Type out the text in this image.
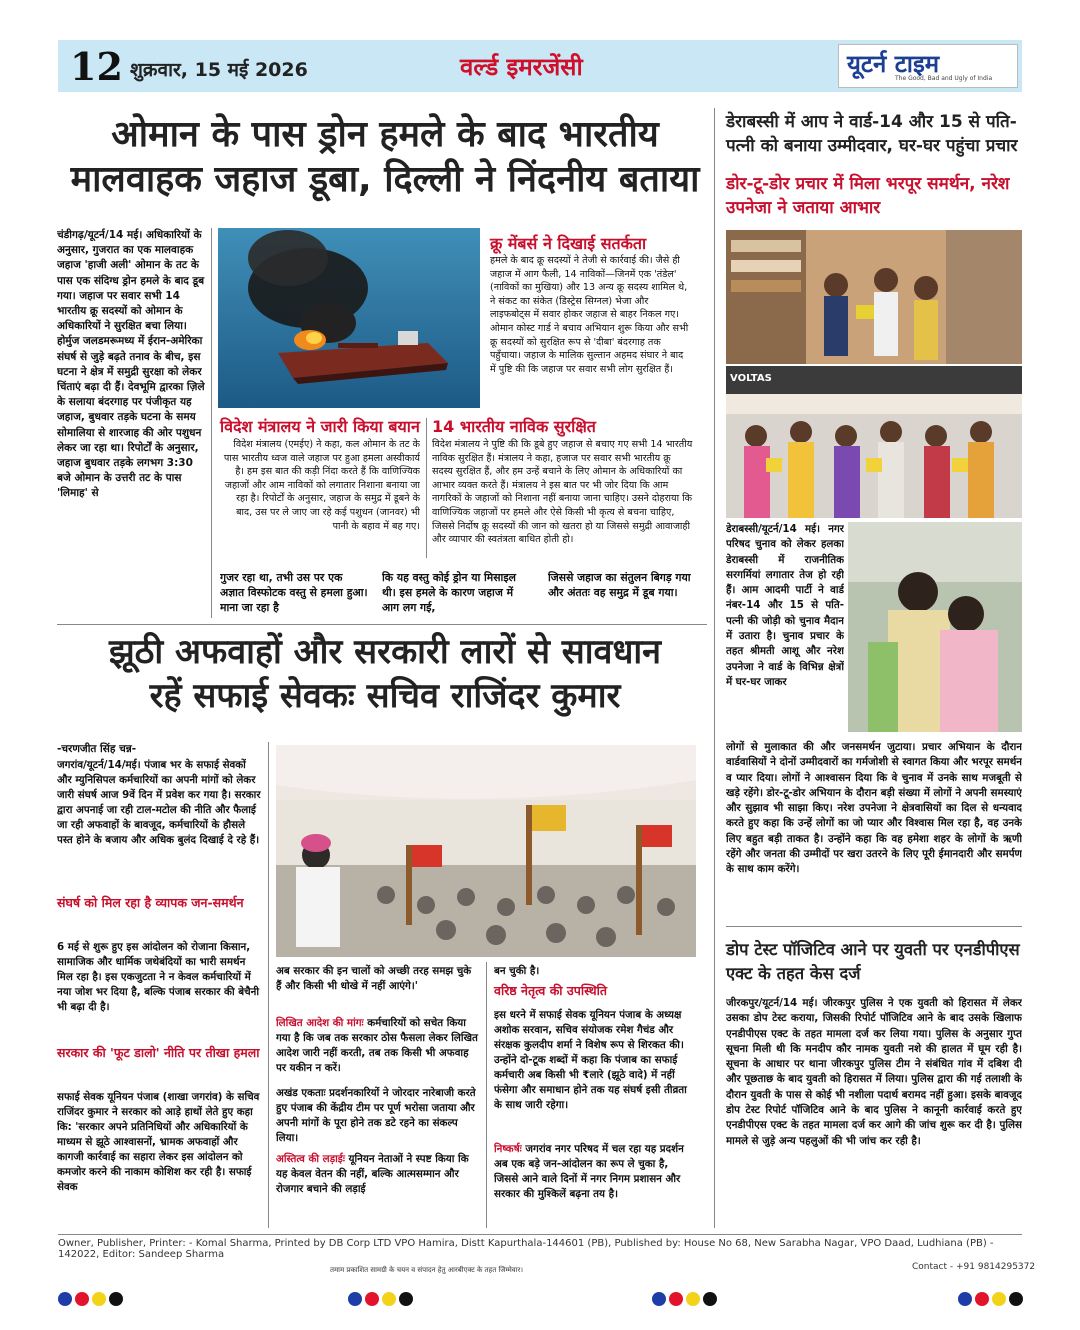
12 शुक्रवार, 15 मई 2026	वर्ल्ड इमरजेंसी	यूटर्न टाइम
The Good, Bad and Ugly of India
ओमान के पास ड्रोन हमले के बाद भारतीय
मालवाहक जहाज डूबा, दिल्ली ने निंदनीय बताया
चंडीगढ़/यूटर्न/14 मई। अधिकारियों के अनुसार, गुजरात का एक मालवाहक जहाज 'हाजी अली' ओमान के तट के पास एक संदिग्ध ड्रोन हमले के बाद डूब गया। जहाज पर सवार सभी 14 भारतीय क्रू सदस्यों को ओमान के अधिकारियों ने सुरक्षित बचा लिया। होर्मुज जलडमरूमध्य में ईरान-अमेरिका संघर्ष से जुड़े बढ़ते तनाव के बीच, इस घटना ने क्षेत्र में समुद्री सुरक्षा को लेकर चिंताएं बढ़ा दी हैं। देवभूमि द्वारका ज़िले के सलाया बंदरगाह पर पंजीकृत यह जहाज, बुधवार तड़के घटना के समय सोमालिया से शारजाह की ओर पशुधन लेकर जा रहा था। रिपोर्टों के अनुसार, जहाज बुधवार तड़के लगभग 3:30 बजे ओमान के उत्तरी तट के पास 'लिमाह' से
क्रू मेंबर्स ने दिखाई सतर्कता
हमले के बाद क्रू सदस्यों ने तेजी से कार्रवाई की। जैसे ही जहाज में आग फैली, 14 नाविकों—जिनमें एक 'तंडेल' (नाविकों का मुखिया) और 13 अन्य क्रू सदस्य शामिल थे, ने संकट का संकेत (डिस्ट्रेस सिग्नल) भेजा और लाइफबोट्स में सवार होकर जहाज से बाहर निकल गए। ओमान कोस्ट गार्ड ने बचाव अभियान शुरू किया और सभी क्रू सदस्यों को सुरक्षित रूप से 'दीबा' बंदरगाह तक पहुँचाया। जहाज के मालिक सुल्तान अहमद संघार ने बाद में पुष्टि की कि जहाज पर सवार सभी लोग सुरक्षित हैं।
विदेश मंत्रालय ने जारी किया बयान
विदेश मंत्रालय (एमईए) ने कहा, कल ओमान के तट के पास भारतीय ध्वज वाले जहाज पर हुआ हमला अस्वीकार्य है। हम इस बात की कड़ी निंदा करते हैं कि वाणिज्यिक जहाजों और आम नाविकों को लगातार निशाना बनाया जा रहा है। रिपोर्टों के अनुसार, जहाज के समुद्र में डूबने के बाद, उस पर ले जाए जा रहे कई पशुधन (जानवर) भी पानी के बहाव में बह गए।
14 भारतीय नाविक सुरक्षित
विदेश मंत्रालय ने पुष्टि की कि डूबे हुए जहाज से बचाए गए सभी 14 भारतीय नाविक सुरक्षित हैं। मंत्रालय ने कहा, हजाज पर सवार सभी भारतीय क्रू सदस्य सुरक्षित हैं, और हम उन्हें बचाने के लिए ओमान के अधिकारियों का आभार व्यक्त करते हैं। मंत्रालय ने इस बात पर भी जोर दिया कि आम नागरिकों के जहाजों को निशाना नहीं बनाया जाना चाहिए। उसने दोहराया कि वाणिज्यिक जहाजों पर हमले और ऐसे किसी भी कृत्य से बचना चाहिए, जिससे निर्दोष क्रू सदस्यों की जान को खतरा हो या जिससे समुद्री आवाजाही और व्यापार की स्वतंत्रता बाधित होती हो।
गुजर रहा था, तभी उस पर एक अज्ञात विस्फोटक वस्तु से हमला हुआ। माना जा रहा है
कि यह वस्तु कोई ड्रोन या मिसाइल थी। इस हमले के कारण जहाज में आग लग गई,
जिससे जहाज का संतुलन बिगड़ गया और अंततः वह समुद्र में डूब गया।
झूठी अफवाहों और सरकारी लारों से सावधान
रहें सफाई सेवकः सचिव राजिंदर कुमार
-चरणजीत सिंह चन्न-
जगरांव/यूटर्न/14/मई। पंजाब भर के सफाई सेवकों और म्युनिसिपल कर्मचारियों का अपनी मांगों को लेकर जारी संघर्ष आज 9वें दिन में प्रवेश कर गया है। सरकार द्वारा अपनाई जा रही टाल-मटोल की नीति और फैलाई जा रही अफवाहों के बावजूद, कर्मचारियों के हौसले पस्त होने के बजाय और अधिक बुलंद दिखाई दे रहे हैं।
संघर्ष को मिल रहा है व्यापक जन-समर्थन
6 मई से शुरू हुए इस आंदोलन को रोजाना किसान, सामाजिक और धार्मिक जथेबंदियों का भारी समर्थन मिल रहा है। इस एकजुटता ने न केवल कर्मचारियों में नया जोश भर दिया है, बल्कि पंजाब सरकार की बेचैनी भी बढ़ा दी है।
सरकार की 'फूट डालो' नीति पर तीखा हमला
सफाई सेवक यूनियन पंजाब (शाखा जगरांव) के सचिव राजिंदर कुमार ने सरकार को आड़े हाथों लेते हुए कहा कि: 'सरकार अपने प्रतिनिधियों और अधिकारियों के माध्यम से झूठे आश्वासनों, भ्रामक अफवाहों और कागजी कार्रवाई का सहारा लेकर इस आंदोलन को कमजोर करने की नाकाम कोशिश कर रही है। सफाई सेवक
अब सरकार की इन चालों को अच्छी तरह समझ चुके हैं और किसी भी धोखे में नहीं आएंगे।'
लिखित आदेश की मांगः कर्मचारियों को सचेत किया गया है कि जब तक सरकार ठोस फैसला लेकर लिखित आदेश जारी नहीं करती, तब तक किसी भी अफवाह पर यकीन न करें।
अखंड एकताः प्रदर्शनकारियों ने जोरदार नारेबाजी करते हुए पंजाब की केंद्रीय टीम पर पूर्ण भरोसा जताया और अपनी मांगों के पूरा होने तक डटे रहने का संकल्प लिया।
अस्तित्व की लड़ाईः यूनियन नेताओं ने स्पष्ट किया कि यह केवल वेतन की नहीं, बल्कि आत्मसम्मान और रोजगार बचाने की लड़ाई
बन चुकी है।
वरिष्ठ नेतृत्व की उपस्थिति
इस धरने में सफाई सेवक यूनियन पंजाब के अध्यक्ष अशोक सरवान, सचिव संयोजक रमेश गैचंड और संरक्षक कुलदीप शर्मा ने विशेष रूप से शिरकत की। उन्होंने दो-टूक शब्दों में कहा कि पंजाब का सफाई कर्मचारी अब किसी भी ₹लारे (झूठे वादे) में नहीं फंसेगा और समाधान होने तक यह संघर्ष इसी तीव्रता के साथ जारी रहेगा।
निष्कर्षः जगरांव नगर परिषद में चल रहा यह प्रदर्शन अब एक बड़े जन-आंदोलन का रूप ले चुका है, जिससे आने वाले दिनों में नगर निगम प्रशासन और सरकार की मुश्किलें बढ़ना तय है।
डेराबस्सी में आप ने वार्ड-14 और 15 से पति-पत्नी को बनाया उम्मीदवार, घर-घर पहुंचा प्रचार
डोर-टू-डोर प्रचार में मिला भरपूर समर्थन, नरेश उपनेजा ने जताया आभार
VOLTAS
डेराबस्सी/यूटर्न/14 मई। नगर परिषद चुनाव को लेकर हलका डेराबस्सी में राजनीतिक सरगर्मियां लगातार तेज हो रही हैं। आम आदमी पार्टी ने वार्ड नंबर-14 और 15 से पति-पत्नी की जोड़ी को चुनाव मैदान में उतारा है। चुनाव प्रचार के तहत श्रीमती आशू और नरेश उपनेजा ने वार्ड के विभिन्न क्षेत्रों में घर-घर जाकर
लोगों से मुलाकात की और जनसमर्थन जुटाया। प्रचार अभियान के दौरान वार्डवासियों ने दोनों उम्मीदवारों का गर्मजोशी से स्वागत किया और भरपूर समर्थन व प्यार दिया। लोगों ने आश्वासन दिया कि वे चुनाव में उनके साथ मजबूती से खड़े रहेंगे। डोर-टू-डोर अभियान के दौरान बड़ी संख्या में लोगों ने अपनी समस्याएं और सुझाव भी साझा किए। नरेश उपनेजा ने क्षेत्रवासियों का दिल से धन्यवाद करते हुए कहा कि उन्हें लोगों का जो प्यार और विश्वास मिल रहा है, वह उनके लिए बहुत बड़ी ताकत है। उन्होंने कहा कि वह हमेशा शहर के लोगों के ऋणी रहेंगे और जनता की उम्मीदों पर खरा उतरने के लिए पूरी ईमानदारी और समर्पण के साथ काम करेंगे।
डोप टेस्ट पॉजिटिव आने पर युवती पर एनडीपीएस एक्ट के तहत केस दर्ज
जीरकपुर/यूटर्न/14 मई। जीरकपुर पुलिस ने एक युवती को हिरासत में लेकर उसका डोप टेस्ट कराया, जिसकी रिपोर्ट पॉजिटिव आने के बाद उसके खिलाफ एनडीपीएस एक्ट के तहत मामला दर्ज कर लिया गया। पुलिस के अनुसार गुप्त सूचना मिली थी कि मनदीप कौर नामक युवती नशे की हालत में घूम रही है। सूचना के आधार पर थाना जीरकपुर पुलिस टीम ने संबंधित गांव में दबिश दी और पूछताछ के बाद युवती को हिरासत में लिया। पुलिस द्वारा की गई तलाशी के दौरान युवती के पास से कोई भी नशीला पदार्थ बरामद नहीं हुआ। इसके बावजूद डोप टेस्ट रिपोर्ट पॉजिटिव आने के बाद पुलिस ने कानूनी कार्रवाई करते हुए एनडीपीएस एक्ट के तहत मामला दर्ज कर आगे की जांच शुरू कर दी है। पुलिस मामले से जुड़े अन्य पहलुओं की भी जांच कर रही है।
Owner, Publisher, Printer: - Komal Sharma, Printed by DB Corp LTD VPO Hamira, Distt Kapurthala-144601 (PB), Published by: House No 68, New Sarabha Nagar, VPO Daad, Ludhiana (PB) - 142022, Editor: Sandeep Sharma
तमाम प्रकाशित सामग्री के चयन व संपादन हेतु आरबीएक्ट के तहत जिम्मेवार।	Contact - +91 9814295372
